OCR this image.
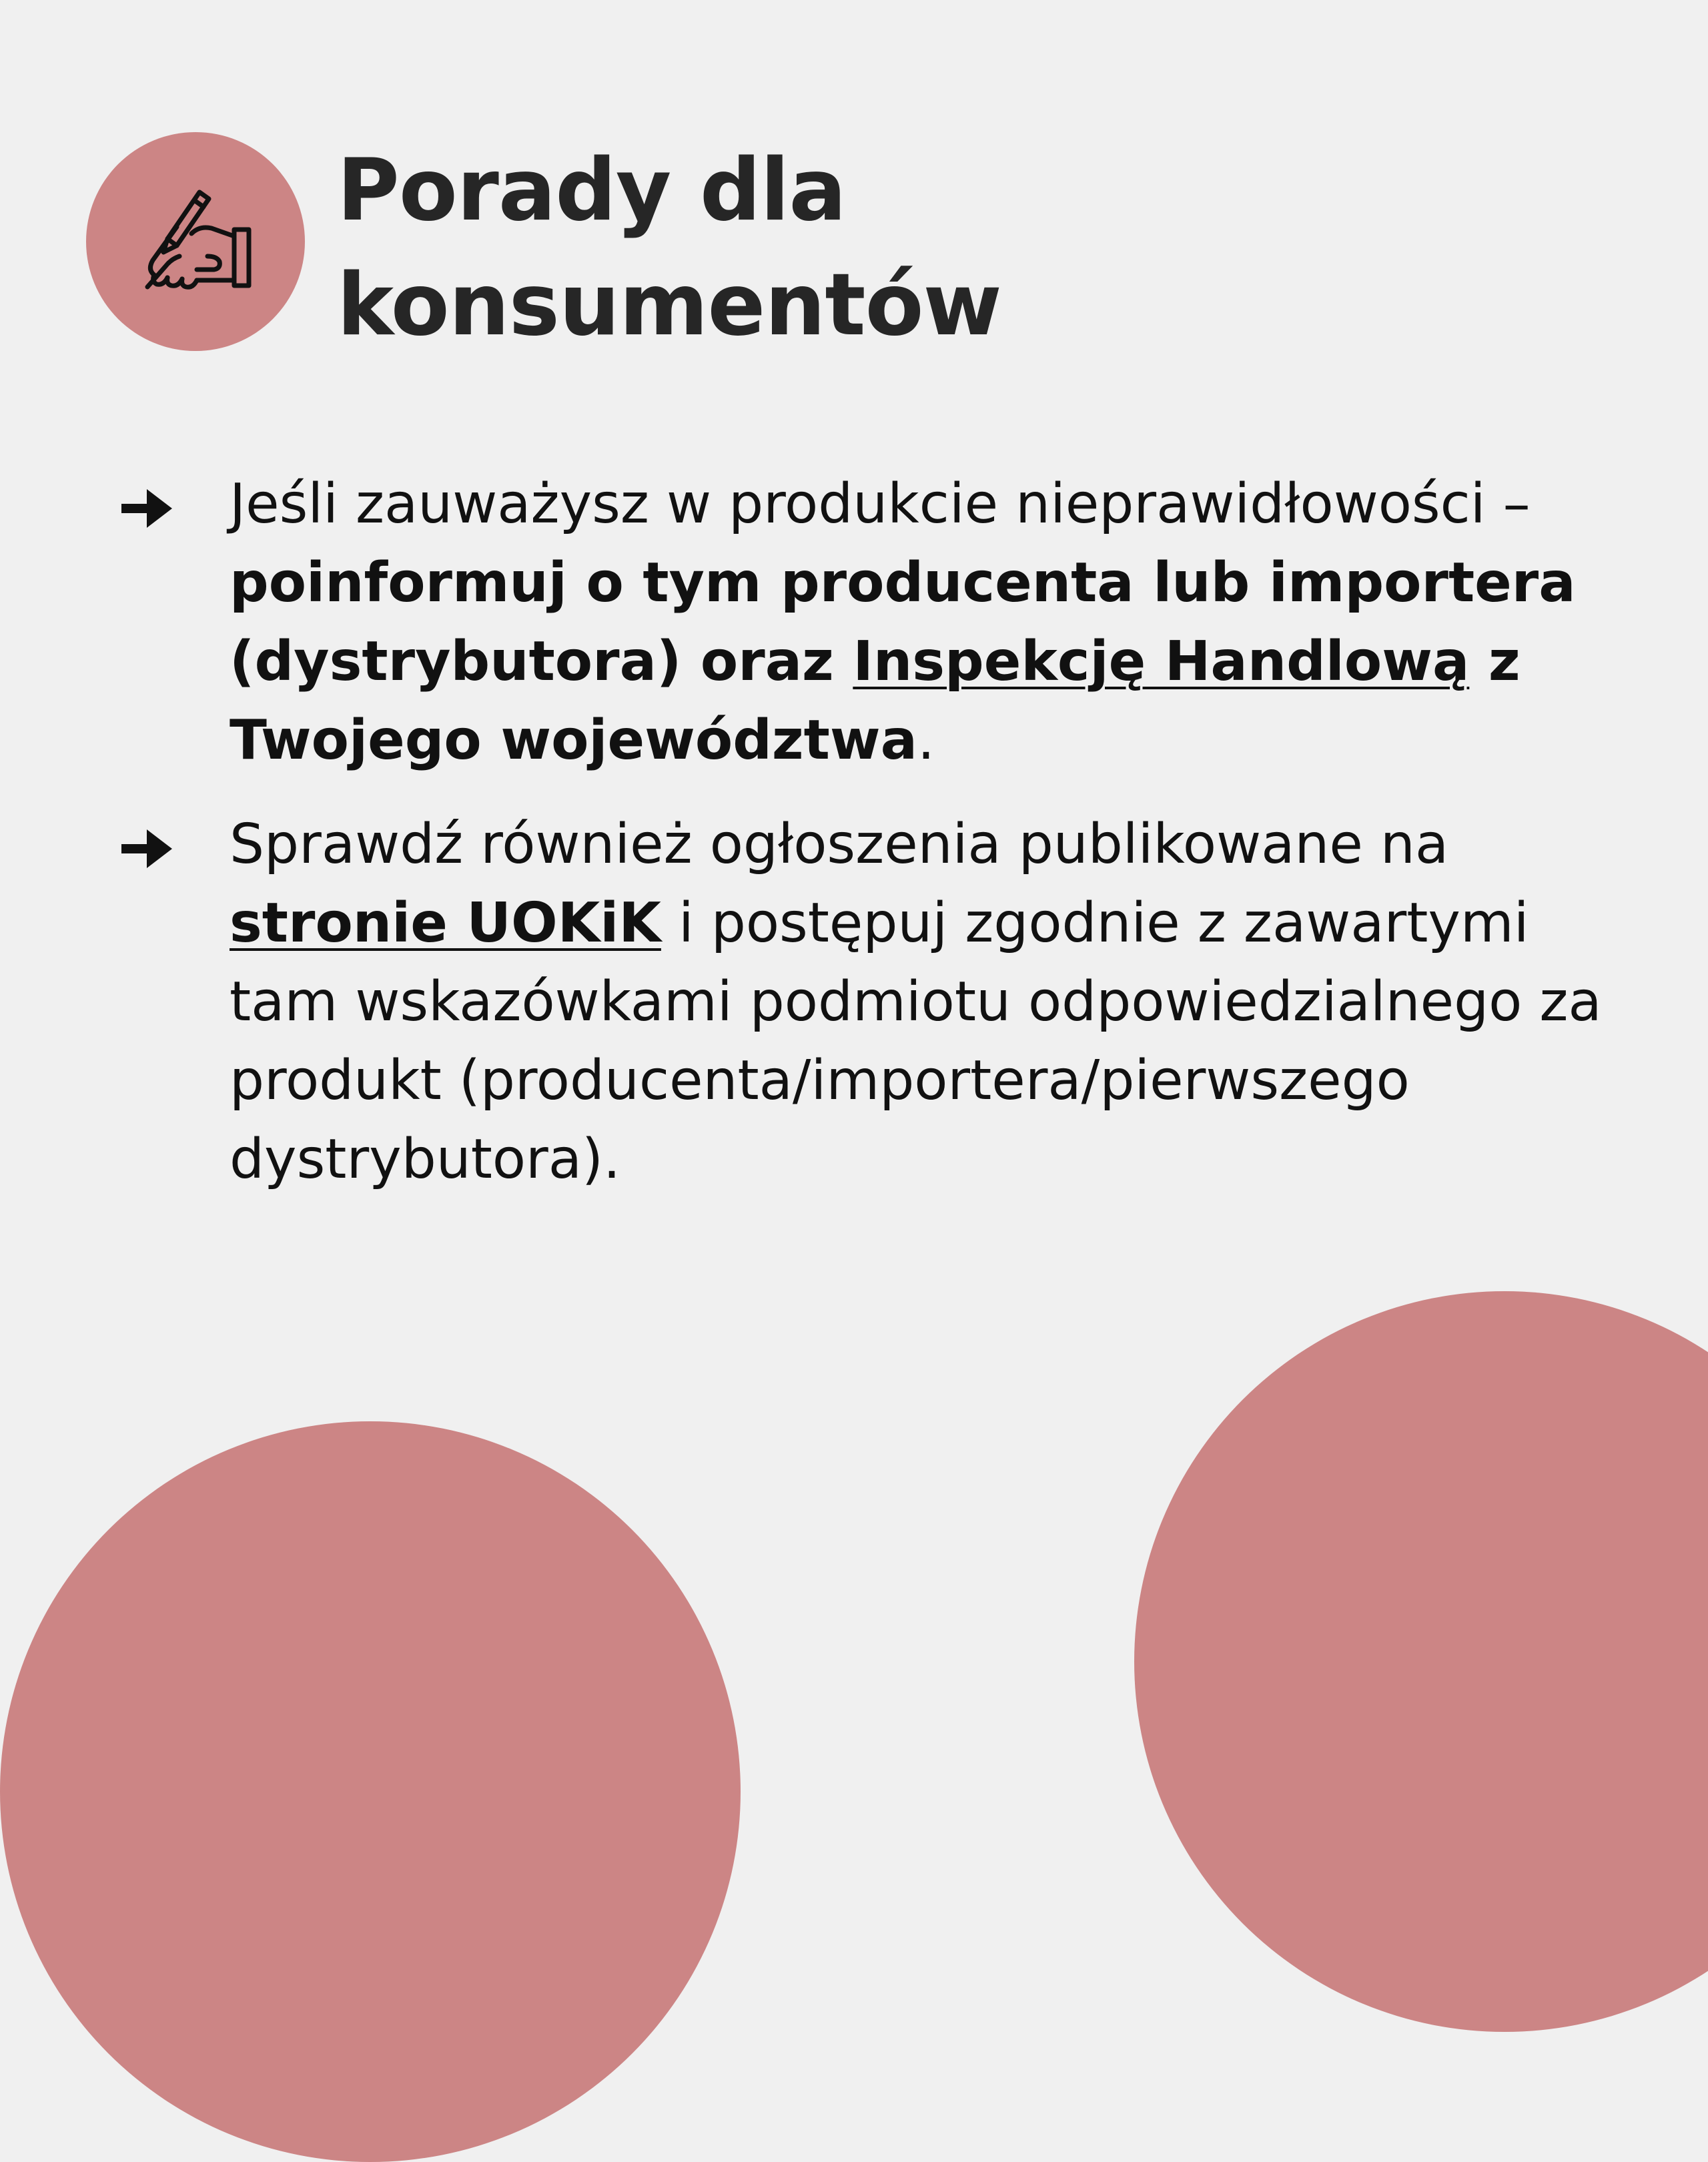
Porady dla
konsumentów

Jeśli zauważysz w produkcie nieprawidłowości – poinformuj o tym producenta lub importera (dystrybutora) oraz Inspekcję Handlową z Twojego województwa.

Sprawdź również ogłoszenia publikowane na stronie UOKiK i postępuj zgodnie z zawartymi tam wskazówkami podmiotu odpowiedzialnego za produkt (producenta/importera/pierwszego dystrybutora).
